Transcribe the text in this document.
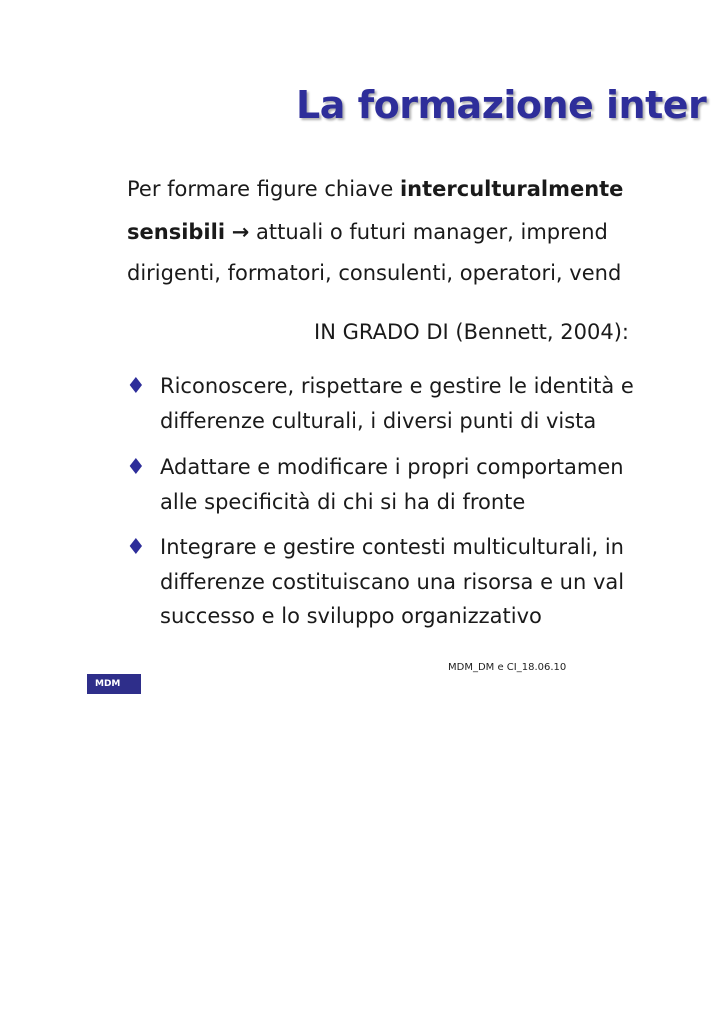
La formazione inter
Per formare figure chiave interculturalmente
sensibili → attuali o futuri manager, imprend
dirigenti, formatori, consulenti, operatori, vend
IN GRADO DI (Bennett, 2004):
♦ Riconoscere, rispettare e gestire le identità e
differenze culturali, i diversi punti di vista
♦ Adattare e modificare i propri comportamen
alle specificità di chi si ha di fronte
♦ Integrare e gestire contesti multiculturali, in
differenze costituiscano una risorsa e un val
successo e lo sviluppo organizzativo
MDM_DM e CI_18.06.10
MDM
